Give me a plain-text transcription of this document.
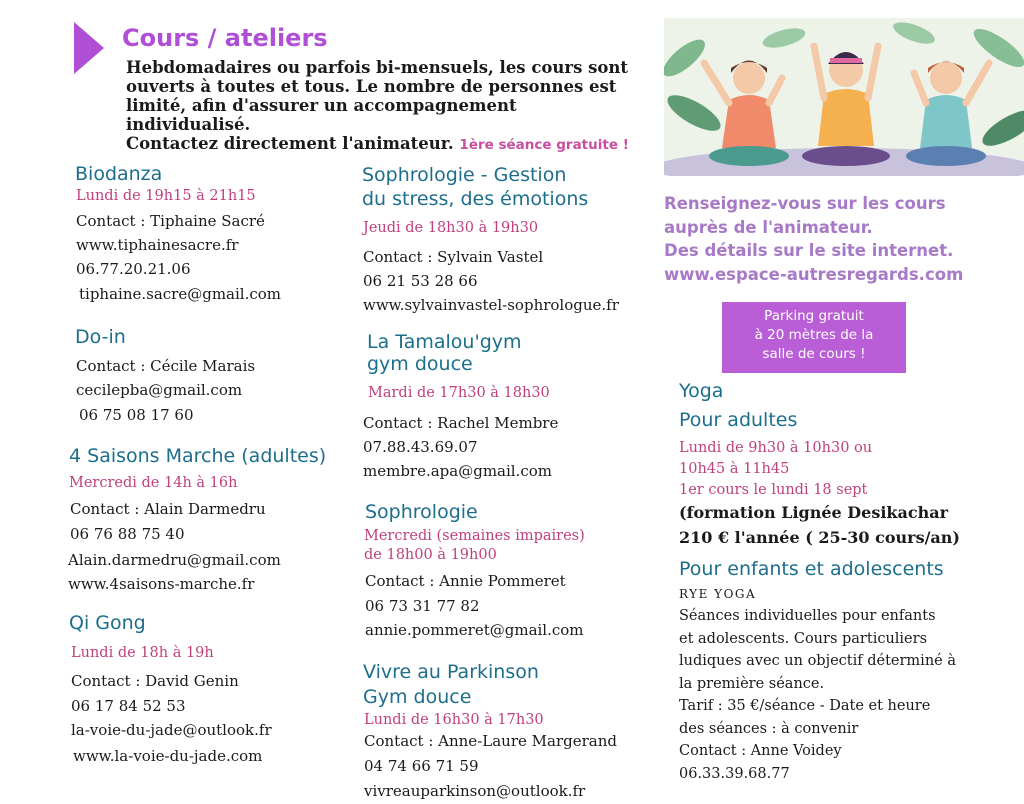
Cours / ateliers
Hebdomadaires ou parfois bi-mensuels, les cours sont
ouverts à toutes et tous. Le nombre de personnes est
limité, afin d'assurer un accompagnement individualisé.
Contactez directement l'animateur. 1ère séance gratuite !
Biodanza
Lundi de 19h15 à 21h15
Contact : Tiphaine Sacré
www.tiphainesacre.fr
06.77.20.21.06
tiphaine.sacre@gmail.com
Do-in
Contact : Cécile Marais
cecilepba@gmail.com
06 75 08 17 60
4 Saisons Marche (adultes)
Mercredi de 14h à 16h
Contact : Alain Darmedru
06 76 88 75 40
Alain.darmedru@gmail.com
www.4saisons-marche.fr
Qi Gong
Lundi de 18h à 19h
Contact : David Genin
06 17 84 52 53
la-voie-du-jade@outlook.fr
www.la-voie-du-jade.com
Sophrologie - Gestion
du stress, des émotions
Jeudi de 18h30 à 19h30
Contact : Sylvain Vastel
06 21 53 28 66
www.sylvainvastel-sophrologue.fr
La Tamalou'gym
gym douce
Mardi de 17h30 à 18h30
Contact : Rachel Membre
07.88.43.69.07
membre.apa@gmail.com
Sophrologie
Mercredi (semaines impaires)
de 18h00 à 19h00
Contact : Annie Pommeret
06 73 31 77 82
annie.pommeret@gmail.com
Vivre au Parkinson
Gym douce
Lundi de 16h30 à 17h30
Contact : Anne-Laure Margerand
04 74 66 71 59
vivreauparkinson@outlook.fr
Renseignez-vous sur les cours
auprès de l'animateur.
Des détails sur le site internet.
www.espace-autresregards.com
Parking gratuit
à 20 mètres de la
salle de cours !
Yoga
Pour adultes
Lundi de 9h30 à 10h30 ou
10h45 à 11h45
1er cours le lundi 18 sept
(formation Lignée Desikachar
210 € l'année ( 25-30 cours/an)
Pour enfants et adolescents
RYE YOGA
Séances individuelles pour enfants
et adolescents. Cours particuliers
ludiques avec un objectif déterminé à
la première séance.
Tarif : 35 €/séance - Date et heure
des séances : à convenir
Contact : Anne Voidey
06.33.39.68.77
